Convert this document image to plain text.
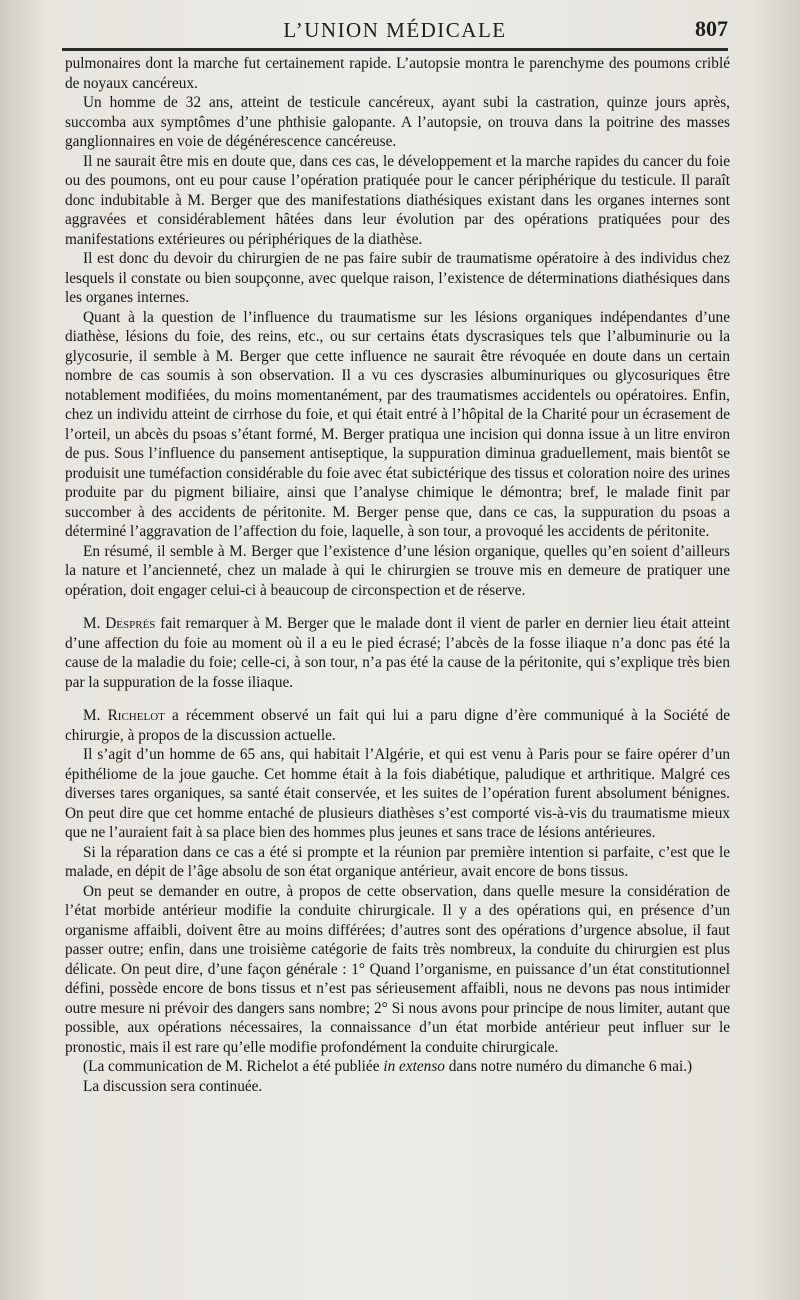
L’UNION MÉDICALE	807

pulmonaires dont la marche fut certainement rapide. L’autopsie montra le parenchyme des poumons criblé de noyaux cancéreux.

Un homme de 32 ans, atteint de testicule cancéreux, ayant subi la castration, quinze jours après, succomba aux symptômes d’une phthisie galopante. A l’autopsie, on trouva dans la poitrine des masses ganglionnaires en voie de dégénérescence cancéreuse.

Il ne saurait être mis en doute que, dans ces cas, le développement et la marche rapides du cancer du foie ou des poumons, ont eu pour cause l’opération pratiquée pour le cancer périphérique du testicule. Il paraît donc indubitable à M. Berger que des manifestations diathésiques existant dans les organes internes sont aggravées et considérablement hâtées dans leur évolution par des opérations pratiquées pour des manifestations extérieures ou périphériques de la diathèse.

Il est donc du devoir du chirurgien de ne pas faire subir de traumatisme opératoire à des individus chez lesquels il constate ou bien soupçonne, avec quelque raison, l’existence de déterminations diathésiques dans les organes internes.

Quant à la question de l’influence du traumatisme sur les lésions organiques indépendantes d’une diathèse, lésions du foie, des reins, etc., ou sur certains états dyscrasiques tels que l’albuminurie ou la glycosurie, il semble à M. Berger que cette influence ne saurait être révoquée en doute dans un certain nombre de cas soumis à son observation. Il a vu ces dyscrasies albuminuriques ou glycosuriques être notablement modifiées, du moins momentanément, par des traumatismes accidentels ou opératoires. Enfin, chez un individu atteint de cirrhose du foie, et qui était entré à l’hôpital de la Charité pour un écrasement de l’orteil, un abcès du psoas s’étant formé, M. Berger pratiqua une incision qui donna issue à un litre environ de pus. Sous l’influence du pansement antiseptique, la suppuration diminua graduellement, mais bientôt se produisit une tuméfaction considérable du foie avec état subictérique des tissus et coloration noire des urines produite par du pigment biliaire, ainsi que l’analyse chimique le démontra; bref, le malade finit par succomber à des accidents de péritonite. M. Berger pense que, dans ce cas, la suppuration du psoas a déterminé l’aggravation de l’affection du foie, laquelle, à son tour, a provoqué les accidents de péritonite.

En résumé, il semble à M. Berger que l’existence d’une lésion organique, quelles qu’en soient d’ailleurs la nature et l’ancienneté, chez un malade à qui le chirurgien se trouve mis en demeure de pratiquer une opération, doit engager celui-ci à beaucoup de circonspection et de réserve.

M. Després fait remarquer à M. Berger que le malade dont il vient de parler en dernier lieu était atteint d’une affection du foie au moment où il a eu le pied écrasé; l’abcès de la fosse iliaque n’a donc pas été la cause de la maladie du foie; celle-ci, à son tour, n’a pas été la cause de la péritonite, qui s’explique très bien par la suppuration de la fosse iliaque.

M. Richelot a récemment observé un fait qui lui a paru digne d’ère communiqué à la Société de chirurgie, à propos de la discussion actuelle.

Il s’agit d’un homme de 65 ans, qui habitait l’Algérie, et qui est venu à Paris pour se faire opérer d’un épithéliome de la joue gauche. Cet homme était à la fois diabétique, paludique et arthritique. Malgré ces diverses tares organiques, sa santé était conservée, et les suites de l’opération furent absolument bénignes. On peut dire que cet homme entaché de plusieurs diathèses s’est comporté vis-à-vis du traumatisme mieux que ne l’auraient fait à sa place bien des hommes plus jeunes et sans trace de lésions antérieures.

Si la réparation dans ce cas a été si prompte et la réunion par première intention si parfaite, c’est que le malade, en dépit de l’âge absolu de son état organique antérieur, avait encore de bons tissus.

On peut se demander en outre, à propos de cette observation, dans quelle mesure la considération de l’état morbide antérieur modifie la conduite chirurgicale. Il y a des opérations qui, en présence d’un organisme affaibli, doivent être au moins différées; d’autres sont des opérations d’urgence absolue, il faut passer outre; enfin, dans une troisième catégorie de faits très nombreux, la conduite du chirurgien est plus délicate. On peut dire, d’une façon générale : 1° Quand l’organisme, en puissance d’un état constitutionnel défini, possède encore de bons tissus et n’est pas sérieusement affaibli, nous ne devons pas nous intimider outre mesure ni prévoir des dangers sans nombre; 2° Si nous avons pour principe de nous limiter, autant que possible, aux opérations nécessaires, la connaissance d’un état morbide antérieur peut influer sur le pronostic, mais il est rare qu’elle modifie profondément la conduite chirurgicale.

(La communication de M. Richelot a été publiée in extenso dans notre numéro du dimanche 6 mai.)

La discussion sera continuée.
